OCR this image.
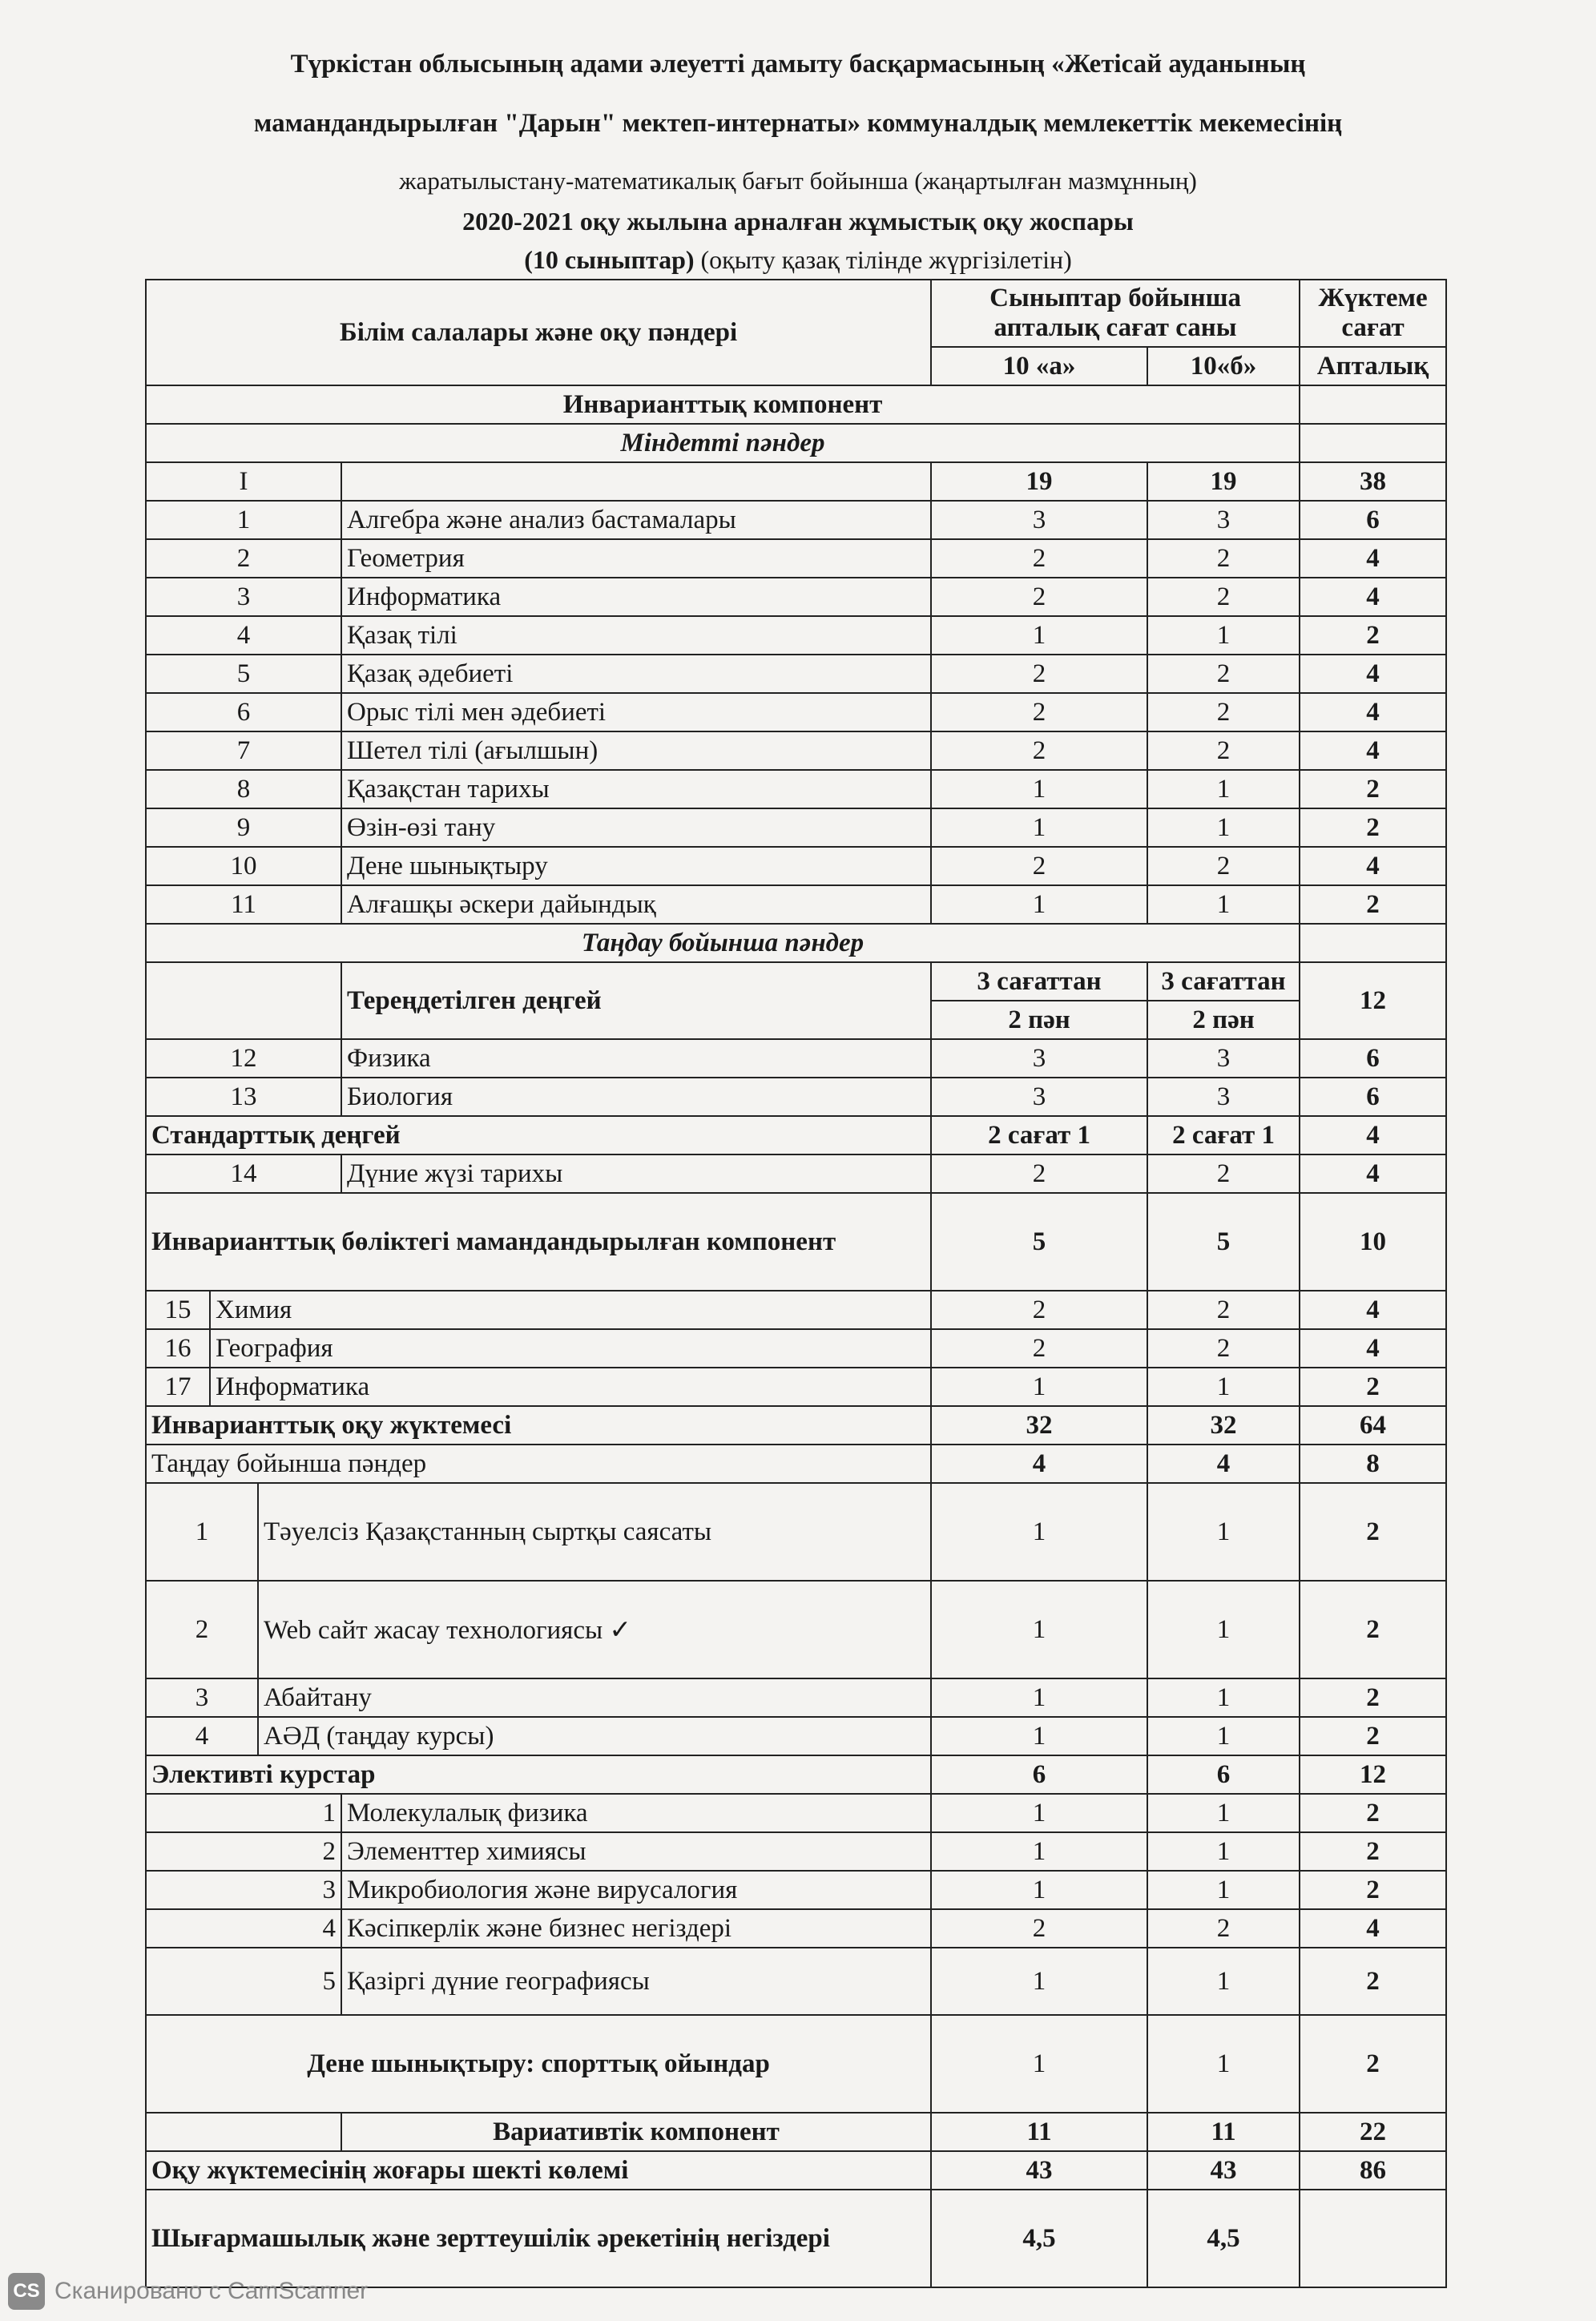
Түркістан облысының адами әлеуетті дамыту басқармасының «Жетісай ауданының
мамандандырылған "Дарын" мектеп-интернаты» коммуналдық мемлекеттік мекемесінің
жаратылыстану-математикалық бағыт бойынша (жаңартылған мазмұнның)
2020-2021 оқу жылына арналған жұмыстық оқу жоспары
(10 сыныптар) (оқыту қазақ тілінде жүргізілетін)
Білім салалары және оқу пәндері				Сыныптар бойынша апталық сағат саны		Жүктеме сағат
				10 «а»	10«б»	Апталық
Инварианттық компонент						
Міндетті пәндер						
I				19	19	38
1			Алгебра және анализ бастамалары	3	3	6
2			Геометрия	2	2	4
3			Информатика	2	2	4
4			Қазақ тілі	1	1	2
5			Қазақ әдебиеті	2	2	4
6			Орыс тілі мен әдебиеті	2	2	4
7			Шетел тілі (ағылшын)	2	2	4
8			Қазақстан тарихы	1	1	2
9			Өзін-өзі тану	1	1	2
10			Дене шынықтыру	2	2	4
11			Алғашқы әскери дайындық	1	1	2
Таңдау бойынша пәндер						
			Тереңдетілген деңгей	3 сағаттан	3 сағаттан	12
				2 пән	2 пән	
12			Физика	3	3	6
13			Биология	3	3	6
Стандарттық деңгей				2 сағат 1	2 сағат 1	4
14			Дүние жүзі тарихы	2	2	4
Инварианттық бөліктегі мамандандырылған компонент				5	5	10
15	Химия			2	2	4
16	География			2	2	4
17	Информатика			1	1	2
Инварианттық оқу жүктемесі				32	32	64
Таңдау бойынша пәндер				4	4	8
1		Тәуелсіз Қазақстанның сыртқы саясаты		1	1	2
2		Web сайт жасау технологиясы ✓		1	1	2
3		Абайтану		1	1	2
4		АӘД (таңдау курсы)		1	1	2
Элективті курстар				6	6	12
1			Молекулалық физика	1	1	2
2			Элементтер химиясы	1	1	2
3			Микробиология және вирусалогия	1	1	2
4			Кәсіпкерлік және бизнес негіздері	2	2	4
5			Қазіргі дүние географиясы	1	1	2
Дене шынықтыру: спорттық ойындар				1	1	2
			Вариативтік компонент	11	11	22
Оқу жүктемесінің жоғары шекті көлемі				43	43	86
Шығармашылық және зерттеушілік әрекетінің негіздері				4,5	4,5	
CS Сканировано с CamScanner
